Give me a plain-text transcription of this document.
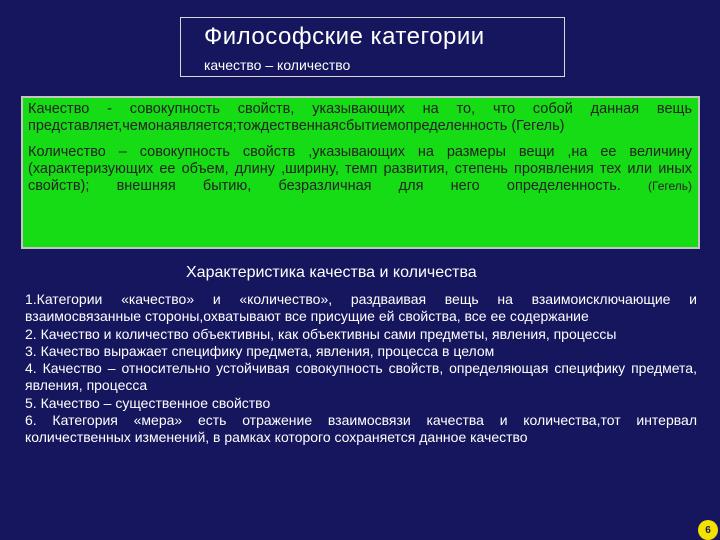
Философские категории
качество – количество

Качество - совокупность свойств, указывающих на то, что собой данная вещь представляет,чемонаявляется;тождественнаясбытиемопределенность (Гегель)

Количество – совокупность свойств ,указывающих на размеры вещи ,на ее величину (характеризующих ее объем, длину ,ширину, темп развития, степень проявления тех или иных свойств); внешняя бытию, безразличная для него определенность. (Гегель)

Характеристика качества и количества

1.Категории «качество» и «количество», раздваивая вещь на взаимоисключающие и взаимосвязанные стороны,охватывают все присущие ей свойства, все ее содержание

2. Качество и количество объективны, как объективны сами предметы, явления, процессы

3. Качество выражает специфику предмета, явления, процесса в целом

4. Качество – относительно устойчивая совокупность свойств, определяющая специфику предмета, явления, процесса

5. Качество – существенное свойство

6. Категория «мера» есть отражение взаимосвязи качества и количества,тот интервал количественных изменений, в рамках которого сохраняется данное качество

6
